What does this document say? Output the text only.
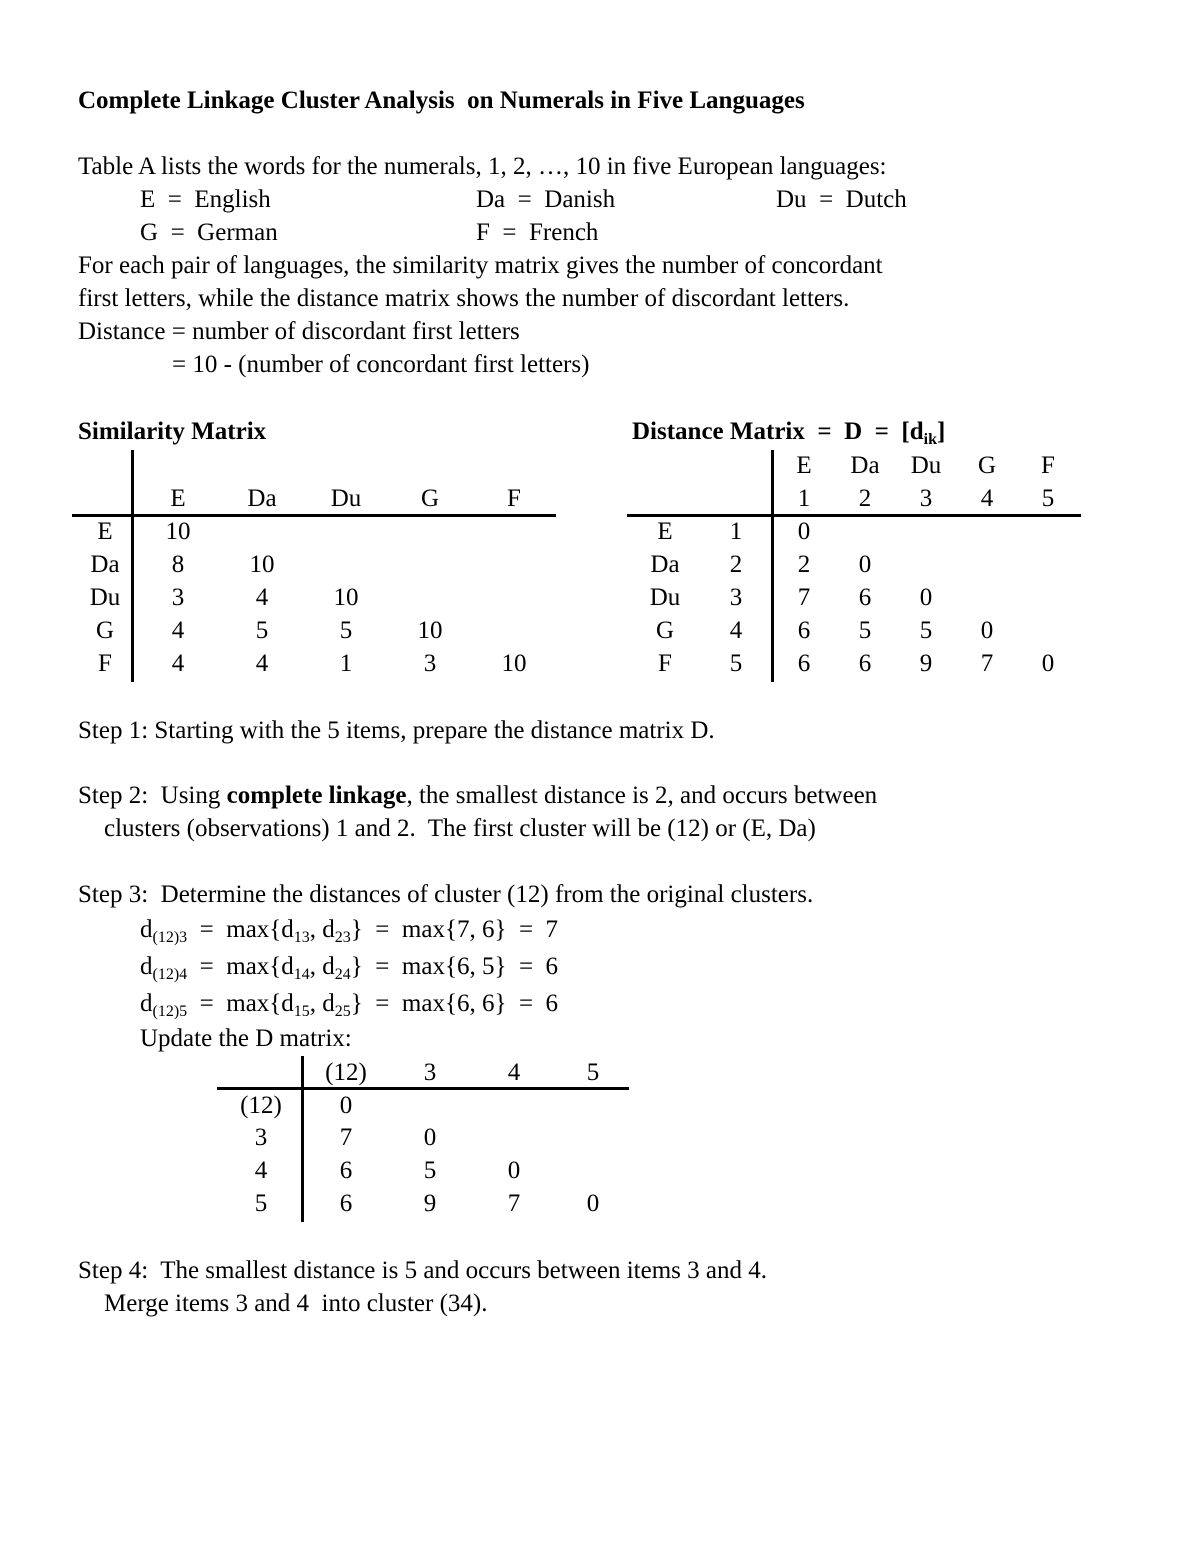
Complete Linkage Cluster Analysis  on Numerals in Five Languages
Table A lists the words for the numerals, 1, 2, …, 10 in five European languages:
E  =  English	Da  =  Danish	Du  =  Dutch
G  =  German	F  =  French
For each pair of languages, the similarity matrix gives the number of concordant
first letters, while the distance matrix shows the number of discordant letters.
Distance = number of discordant first letters
= 10 - (number of concordant first letters)
Similarity Matrix
E	Da	Du	G	F
E	10
Da	8	10
Du	3	4	10
G	4	5	5	10
F	4	4	1	3	10
Distance Matrix  =  $D = [d_{ik}]$
E	Da	Du	G	F
1	2	3	4	5
E	1	0
Da	2	2	0
Du	3	7	6	0
G	4	6	5	5	0
F	5	6	6	9	7	0
Step 1: Starting with the 5 items, prepare the distance matrix D.
Step 2:  Using complete linkage, the smallest distance is 2, and occurs between
clusters (observations) 1 and 2.  The first cluster will be (12) or (E, Da)
Step 3:  Determine the distances of cluster (12) from the original clusters.
$d_{(12)3} = \max\{d_{13}$, $d_{23}\} = \max\{7$, 6}  =  7
$d_{(12)4} = \max\{d_{14}$, $d_{24}\} = \max\{6$, 5}  =  6
$d_{(12)5} = \max\{d_{15}$, $d_{25}\} = \max\{6$, 6}  =  6
Update the D matrix:
(12)	3	4	5
(12)	0
3	7	0
4	6	5	0
5	6	9	7	0
Step 4:  The smallest distance is 5 and occurs between items 3 and 4.
Merge items 3 and 4  into cluster (34).
